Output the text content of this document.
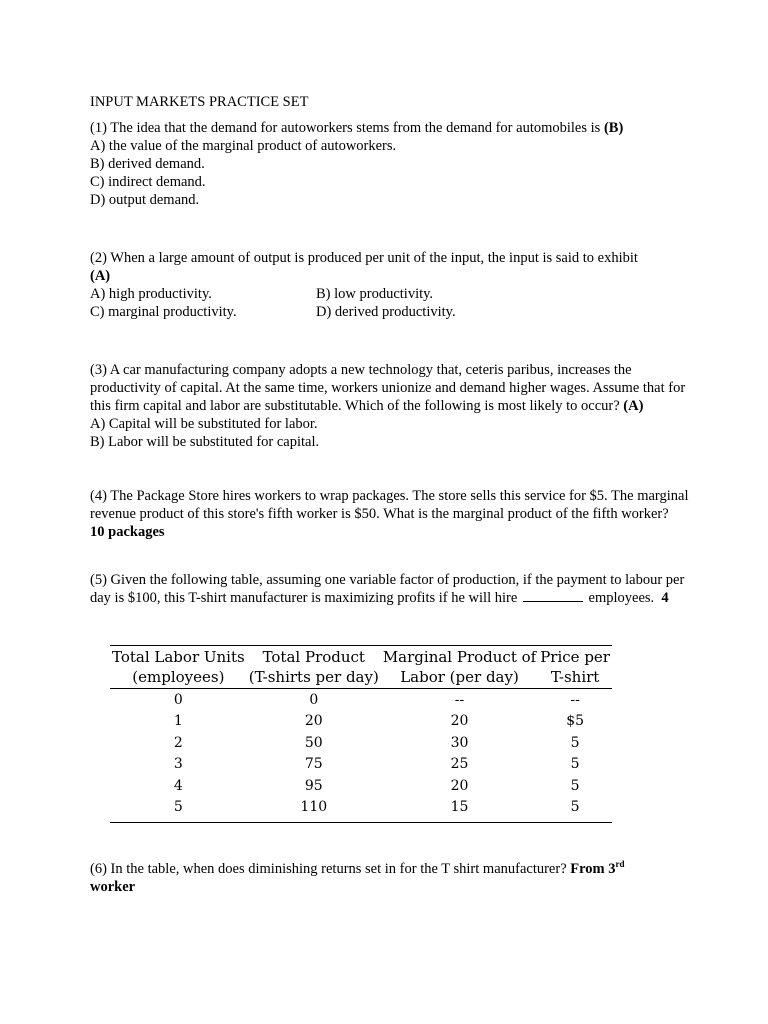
INPUT MARKETS PRACTICE SET

(1) The idea that the demand for autoworkers stems from the demand for automobiles is (B)

A) the value of the marginal product of autoworkers.

B) derived demand.

C) indirect demand.

D) output demand.

(2) When a large amount of output is produced per unit of the input, the input is said to exhibit
(A)

A) high productivity.	B) low productivity.
C) marginal productivity.	D) derived productivity.

(3) A car manufacturing company adopts a new technology that, ceteris paribus, increases the productivity of capital. At the same time, workers unionize and demand higher wages. Assume that for this firm capital and labor are substitutable. Which of the following is most likely to occur? (A)

A) Capital will be substituted for labor.

B) Labor will be substituted for capital.

(4) The Package Store hires workers to wrap packages. The store sells this service for $5. The marginal revenue product of this store's fifth worker is $50. What is the marginal product of the fifth worker?  10 packages

(5) Given the following table, assuming one variable factor of production, if the payment to labour per day is $100, this T-shirt manufacturer is maximizing profits if he will hire	employees. 4

Total Labor Units	Total Product	Marginal Product of	Price per
(employees)	(T-shirts per day)	Labor (per day)	T-shirt
0	0	--	--
1	20	20	$5
2	50	30	5
3	75	25	5
4	95	20	5
5	110	15	5

(6) In the table, when does diminishing returns set in for the T shirt manufacturer? From 3rd
worker
